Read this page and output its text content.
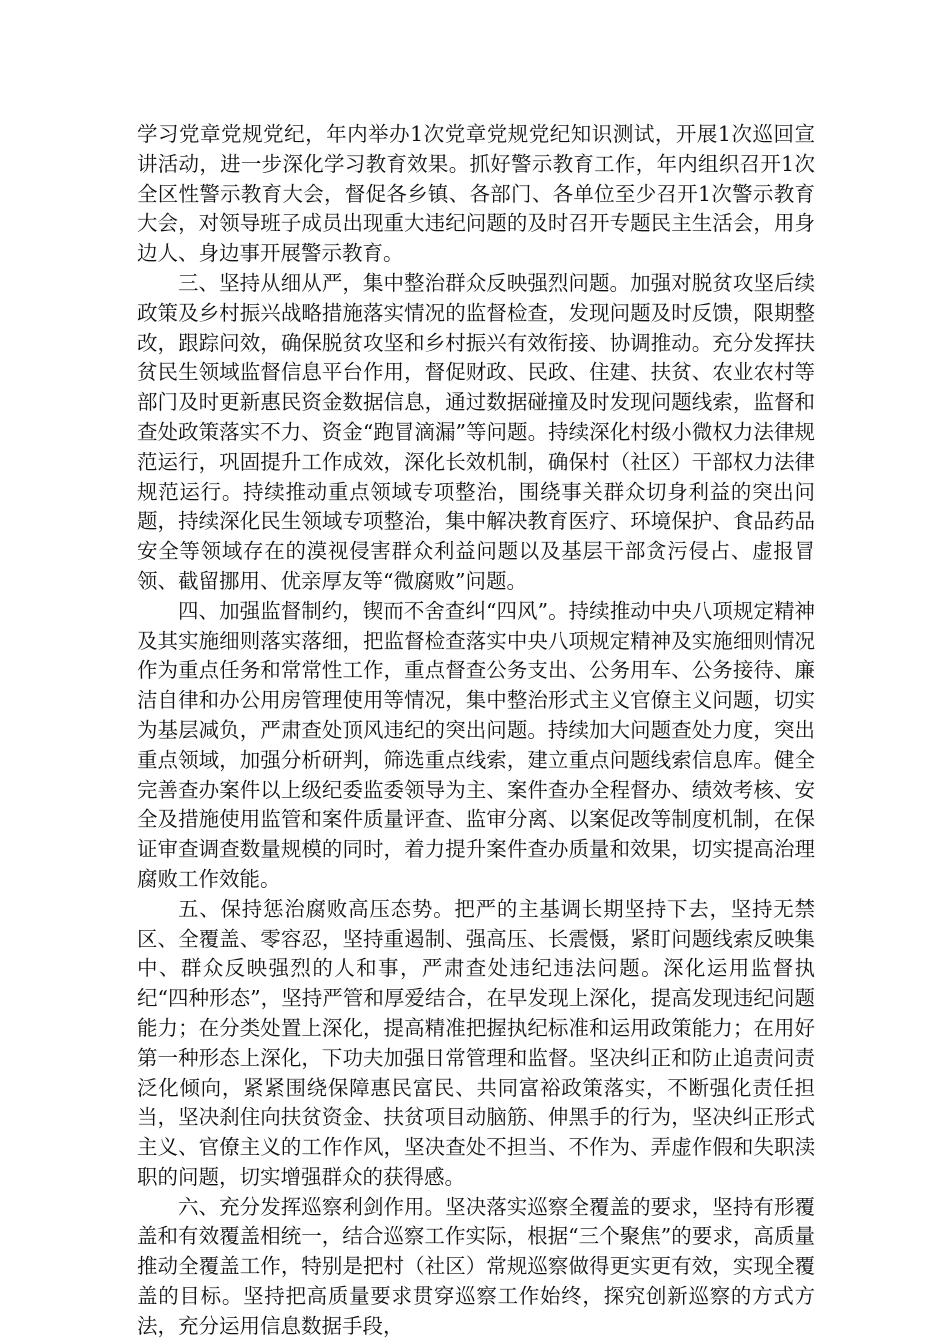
学习党章党规党纪，年内举办1次党章党规党纪知识测试，开展1次巡回宣讲活动，进一步深化学习教育效果。抓好警示教育工作，年内组织召开1次全区性警示教育大会，督促各乡镇、各部门、各单位至少召开1次警示教育大会，对领导班子成员出现重大违纪问题的及时召开专题民主生活会，用身边人、身边事开展警示教育。

三、坚持从细从严，集中整治群众反映强烈问题。加强对脱贫攻坚后续政策及乡村振兴战略措施落实情况的监督检查，发现问题及时反馈，限期整改，跟踪问效，确保脱贫攻坚和乡村振兴有效衔接、协调推动。充分发挥扶贫民生领域监督信息平台作用，督促财政、民政、住建、扶贫、农业农村等部门及时更新惠民资金数据信息，通过数据碰撞及时发现问题线索，监督和查处政策落实不力、资金“跑冒滴漏”等问题。持续深化村级小微权力法律规范运行，巩固提升工作成效，深化长效机制，确保村（社区）干部权力法律规范运行。持续推动重点领域专项整治，围绕事关群众切身利益的突出问题，持续深化民生领域专项整治，集中解决教育医疗、环境保护、食品药品安全等领域存在的漠视侵害群众利益问题以及基层干部贪污侵占、虚报冒领、截留挪用、优亲厚友等“微腐败”问题。

四、加强监督制约，锲而不舍查纠“四风”。持续推动中央八项规定精神及其实施细则落实落细，把监督检查落实中央八项规定精神及实施细则情况作为重点任务和常常性工作，重点督查公务支出、公务用车、公务接待、廉洁自律和办公用房管理使用等情况，集中整治形式主义官僚主义问题，切实为基层减负，严肃查处顶风违纪的突出问题。持续加大问题查处力度，突出重点领域，加强分析研判，筛选重点线索，建立重点问题线索信息库。健全完善查办案件以上级纪委监委领导为主、案件查办全程督办、绩效考核、安全及措施使用监管和案件质量评查、监审分离、以案促改等制度机制，在保证审查调查数量规模的同时，着力提升案件查办质量和效果，切实提高治理腐败工作效能。

五、保持惩治腐败高压态势。把严的主基调长期坚持下去，坚持无禁区、全覆盖、零容忍，坚持重遏制、强高压、长震慑，紧盯问题线索反映集中、群众反映强烈的人和事，严肃查处违纪违法问题。深化运用监督执纪“四种形态”，坚持严管和厚爱结合，在早发现上深化，提高发现违纪问题能力；在分类处置上深化，提高精准把握执纪标准和运用政策能力；在用好第一种形态上深化，下功夫加强日常管理和监督。坚决纠正和防止追责问责泛化倾向，紧紧围绕保障惠民富民、共同富裕政策落实，不断强化责任担当，坚决刹住向扶贫资金、扶贫项目动脑筋、伸黑手的行为，坚决纠正形式主义、官僚主义的工作作风，坚决查处不担当、不作为、弄虚作假和失职渎职的问题，切实增强群众的获得感。

六、充分发挥巡察利剑作用。坚决落实巡察全覆盖的要求，坚持有形覆盖和有效覆盖相统一，结合巡察工作实际，根据“三个聚焦”的要求，高质量推动全覆盖工作，特别是把村（社区）常规巡察做得更实更有效，实现全覆盖的目标。坚持把高质量要求贯穿巡察工作始终，探究创新巡察的方式方法，充分运用信息数据手段，
